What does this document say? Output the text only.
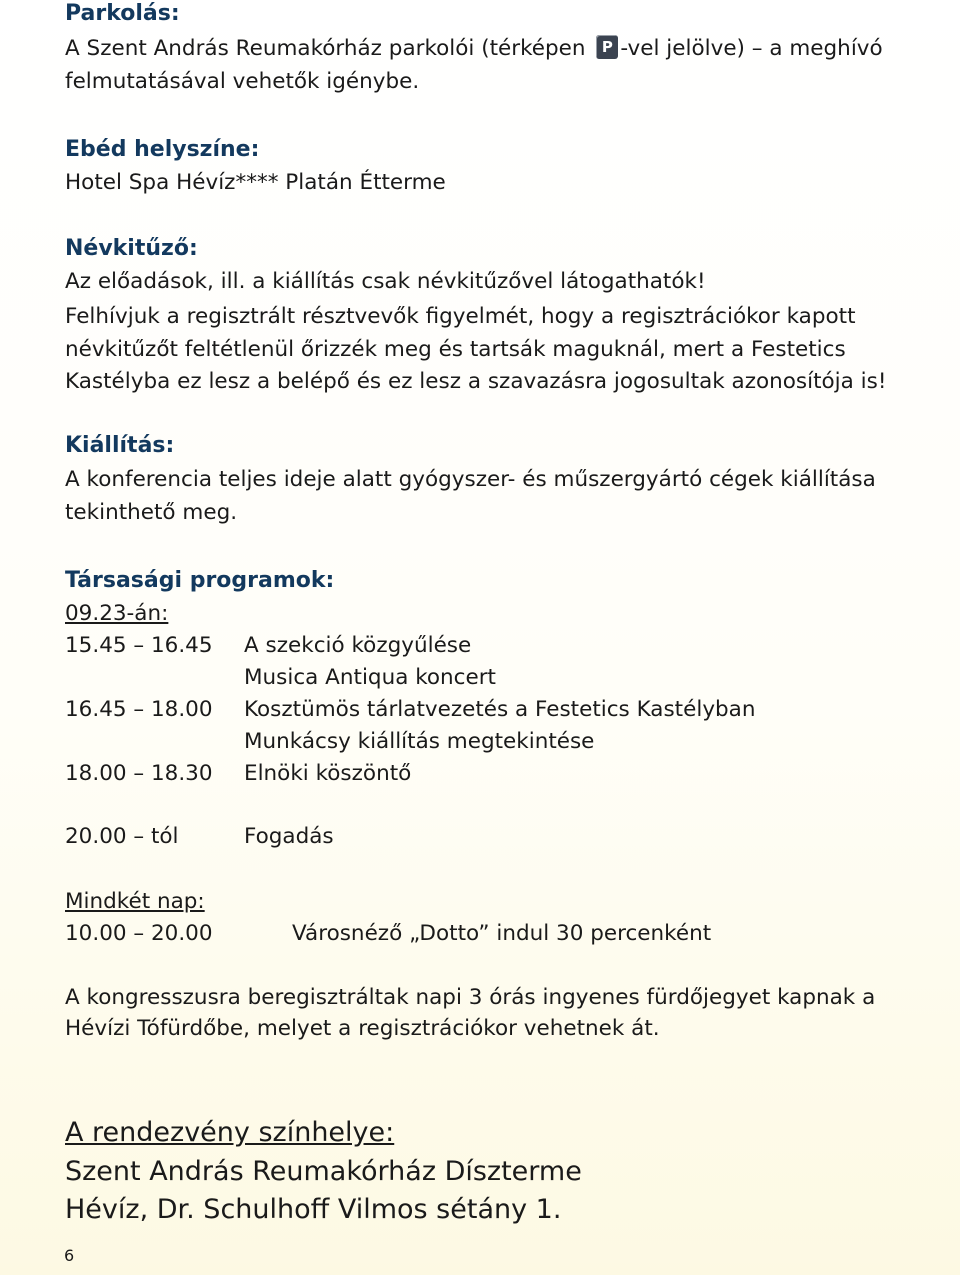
Parkolás:
A Szent András Reumakórház parkolói (térképen P -vel jelölve) – a meghívó
felmutatásával vehetők igénybe.
Ebéd helyszíne:
Hotel Spa Hévíz**** Platán Étterme
Névkitűző:
Az előadások, ill. a kiállítás csak névkitűzővel látogathatók!
Felhívjuk a regisztrált résztvevők figyelmét, hogy a regisztrációkor kapott
névkitűzőt feltétlenül őrizzék meg és tartsák maguknál, mert a Festetics
Kastélyba ez lesz a belépő és ez lesz a szavazásra jogosultak azonosítója is!
Kiállítás:
A konferencia teljes ideje alatt gyógyszer- és műszergyártó cégek kiállítása
tekinthető meg.
Társasági programok:
09.23-án:
15.45 – 16.45 A szekció közgyűlése
Musica Antiqua koncert
16.45 – 18.00 Kosztümös tárlatvezetés a Festetics Kastélyban
Munkácsy kiállítás megtekintése
18.00 – 18.30 Elnöki köszöntő
20.00 – tól	Fogadás
Mindkét nap:
10.00 – 20.00	Városnéző „Dotto” indul 30 percenként
A kongresszusra beregisztráltak napi 3 órás ingyenes fürdőjegyet kapnak a
Hévízi Tófürdőbe, melyet a regisztrációkor vehetnek át.
A rendezvény színhelye:
Szent András Reumakórház Díszterme
Hévíz, Dr. Schulhoff Vilmos sétány 1.
6
